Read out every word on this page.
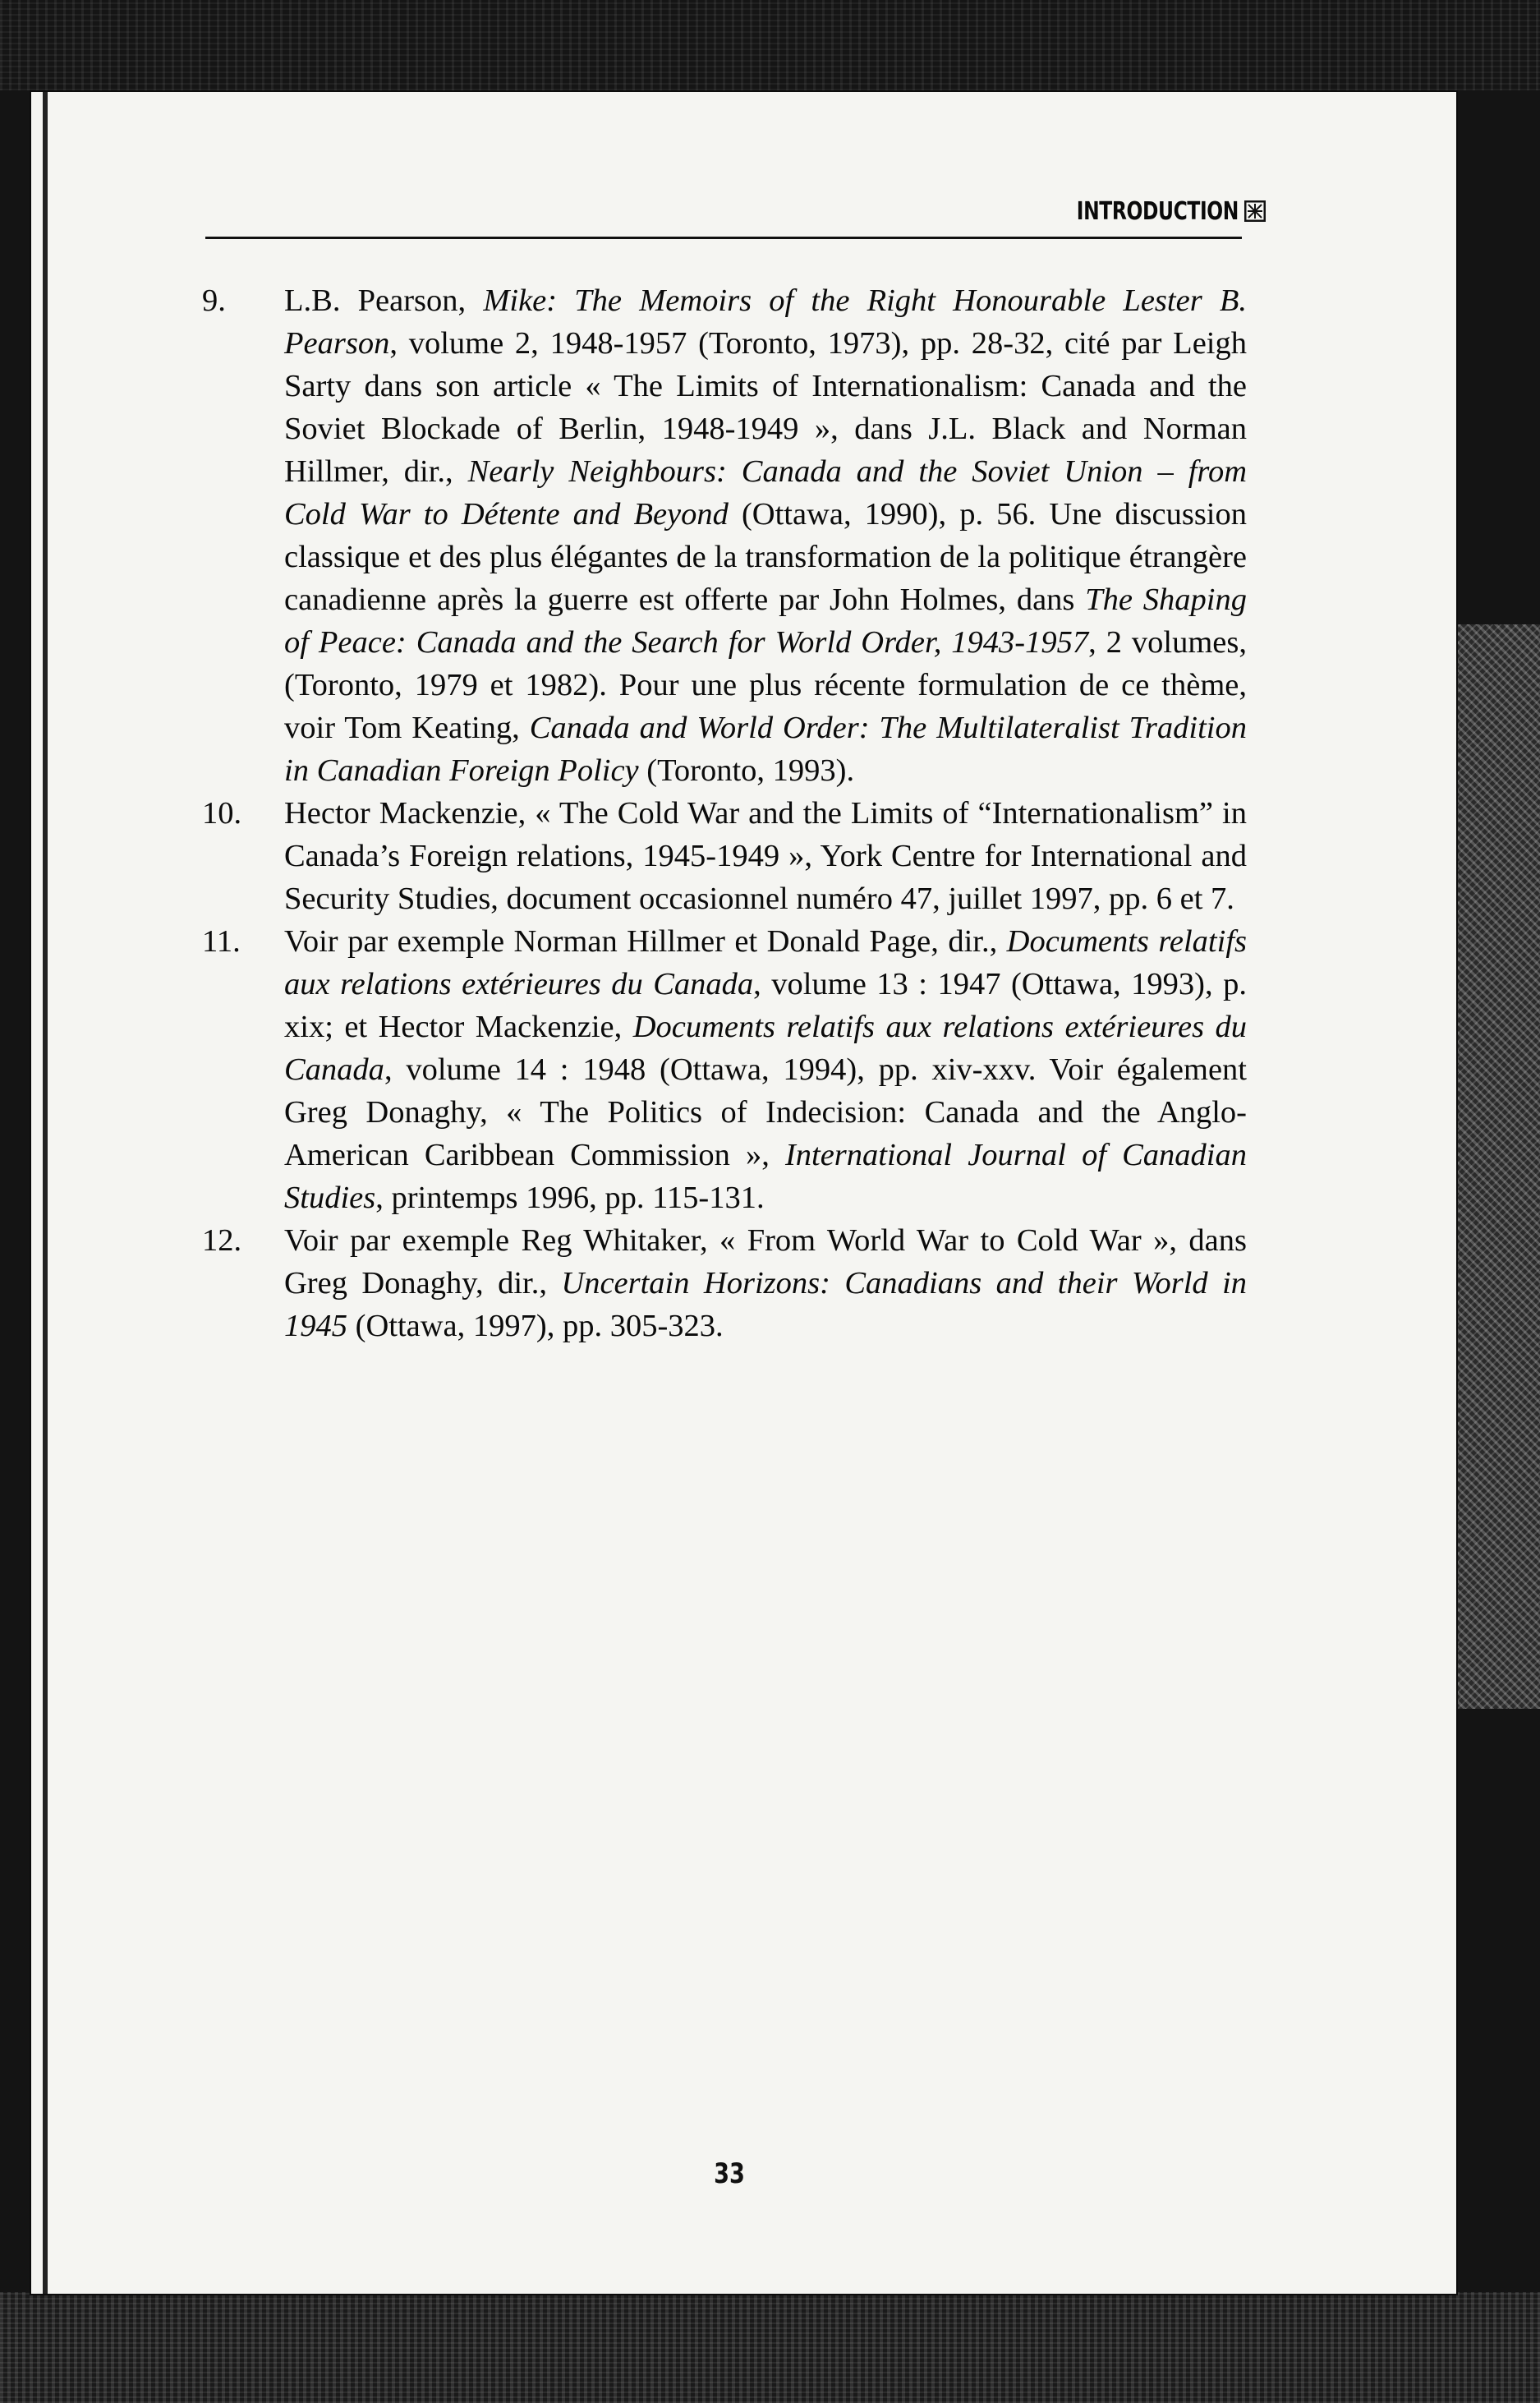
INTRODUCTION
9.	L.B. Pearson, Mike: The Memoirs of the Right Honourable Lester B. Pearson, volume 2, 1948-1957 (Toronto, 1973), pp. 28-32, cité par Leigh Sarty dans son article « The Limits of Internationalism: Canada and the Soviet Blockade of Berlin, 1948-1949 », dans J.L. Black and Norman Hillmer, dir., Nearly Neighbours: Canada and the Soviet Union – from Cold War to Détente and Beyond (Ottawa, 1990), p. 56. Une discussion classique et des plus élégantes de la transformation de la politique étrangère canadienne après la guerre est offerte par John Holmes, dans The Shaping of Peace: Canada and the Search for World Order, 1943-1957, 2 volumes, (Toronto, 1979 et 1982). Pour une plus récente formulation de ce thème, voir Tom Keating, Canada and World Order: The Multilateralist Tradition in Canadian Foreign Policy (Toronto, 1993).
10.	Hector Mackenzie, « The Cold War and the Limits of “Internationalism” in Canada’s Foreign relations, 1945-1949 », York Centre for International and Security Studies, document occasionnel numéro 47, juillet 1997, pp. 6 et 7.
11.	Voir par exemple Norman Hillmer et Donald Page, dir., Documents relatifs aux relations extérieures du Canada, volume 13 : 1947 (Ottawa, 1993), p. xix; et Hector Mackenzie, Documents relatifs aux relations extérieures du Canada, volume 14 : 1948 (Ottawa, 1994), pp. xiv-xxv. Voir également Greg Donaghy, « The Politics of Indecision: Canada and the Anglo-American Caribbean Commission », International Journal of Canadian Studies, printemps 1996, pp. 115-131.
12.	Voir par exemple Reg Whitaker, « From World War to Cold War », dans Greg Donaghy, dir., Uncertain Horizons: Canadians and their World in 1945 (Ottawa, 1997), pp. 305-323.
33
